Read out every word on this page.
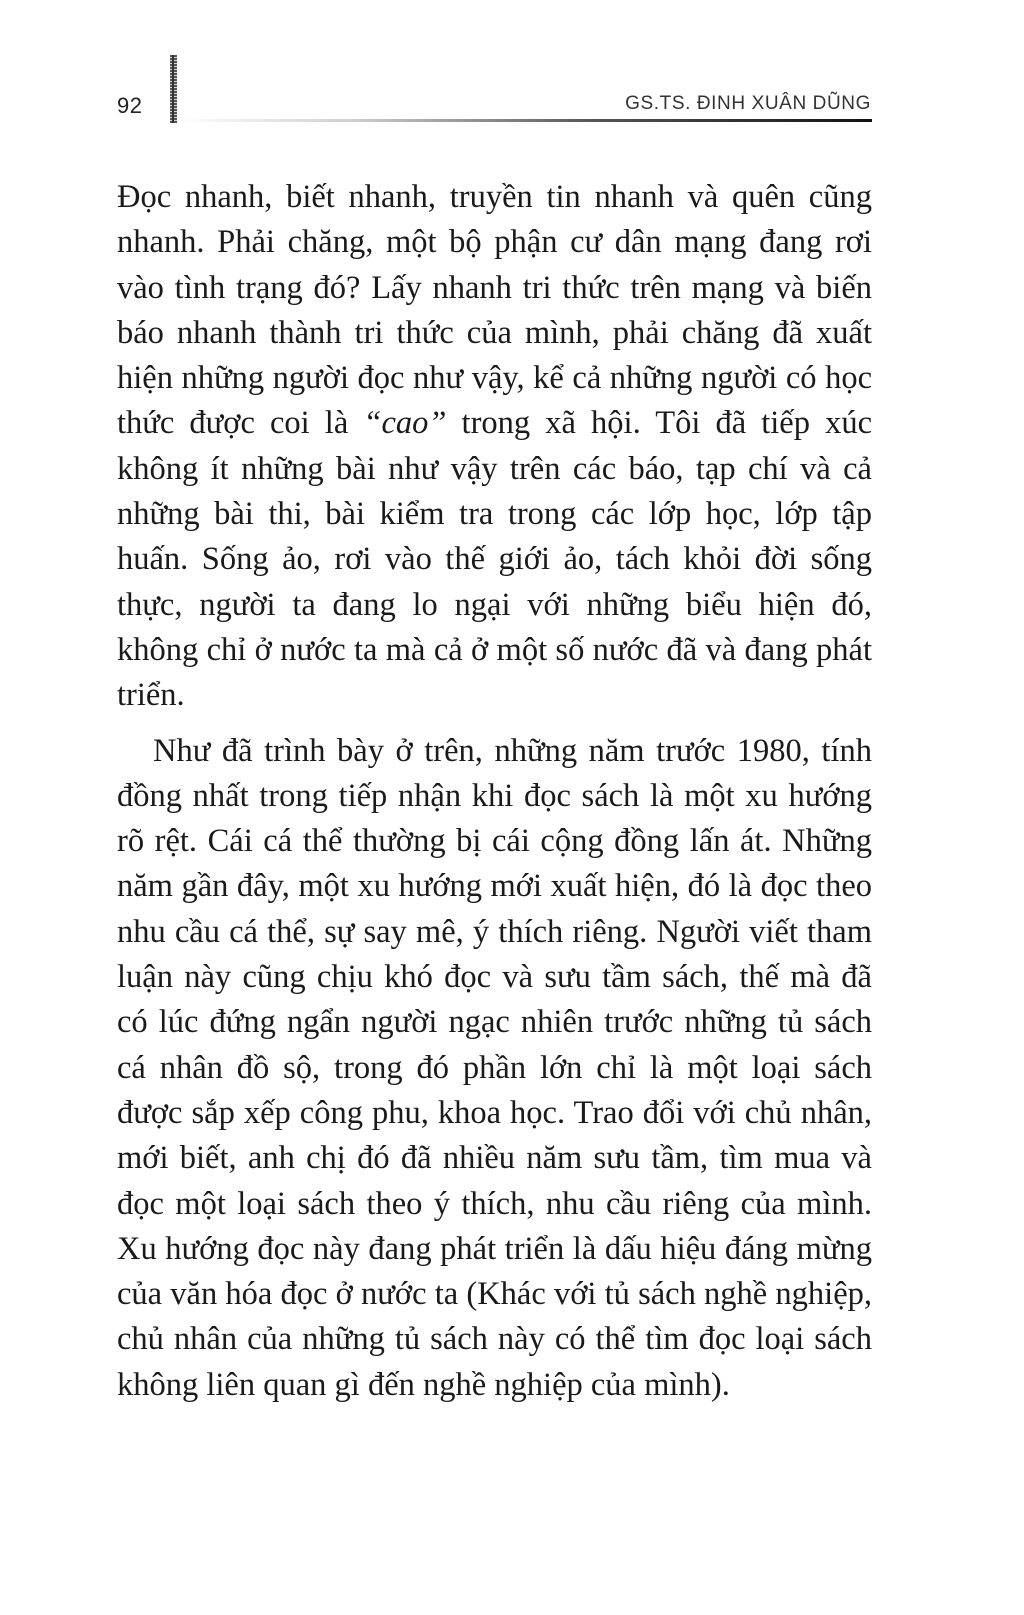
92	GS.TS. ĐINH XUÂN DŨNG

Đọc nhanh, biết nhanh, truyền tin nhanh và quên cũng nhanh. Phải chăng, một bộ phận cư dân mạng đang rơi vào tình trạng đó? Lấy nhanh tri thức trên mạng và biến báo nhanh thành tri thức của mình, phải chăng đã xuất hiện những người đọc như vậy, kể cả những người có học thức được coi là “cao” trong xã hội. Tôi đã tiếp xúc không ít những bài như vậy trên các báo, tạp chí và cả những bài thi, bài kiểm tra trong các lớp học, lớp tập huấn. Sống ảo, rơi vào thế giới ảo, tách khỏi đời sống thực, người ta đang lo ngại với những biểu hiện đó, không chỉ ở nước ta mà cả ở một số nước đã và đang phát triển.

Như đã trình bày ở trên, những năm trước 1980, tính đồng nhất trong tiếp nhận khi đọc sách là một xu hướng rõ rệt. Cái cá thể thường bị cái cộng đồng lấn át. Những năm gần đây, một xu hướng mới xuất hiện, đó là đọc theo nhu cầu cá thể, sự say mê, ý thích riêng. Người viết tham luận này cũng chịu khó đọc và sưu tầm sách, thế mà đã có lúc đứng ngẩn người ngạc nhiên trước những tủ sách cá nhân đồ sộ, trong đó phần lớn chỉ là một loại sách được sắp xếp công phu, khoa học. Trao đổi với chủ nhân, mới biết, anh chị đó đã nhiều năm sưu tầm, tìm mua và đọc một loại sách theo ý thích, nhu cầu riêng của mình. Xu hướng đọc này đang phát triển là dấu hiệu đáng mừng của văn hóa đọc ở nước ta (Khác với tủ sách nghề nghiệp, chủ nhân của những tủ sách này có thể tìm đọc loại sách không liên quan gì đến nghề nghiệp của mình).
